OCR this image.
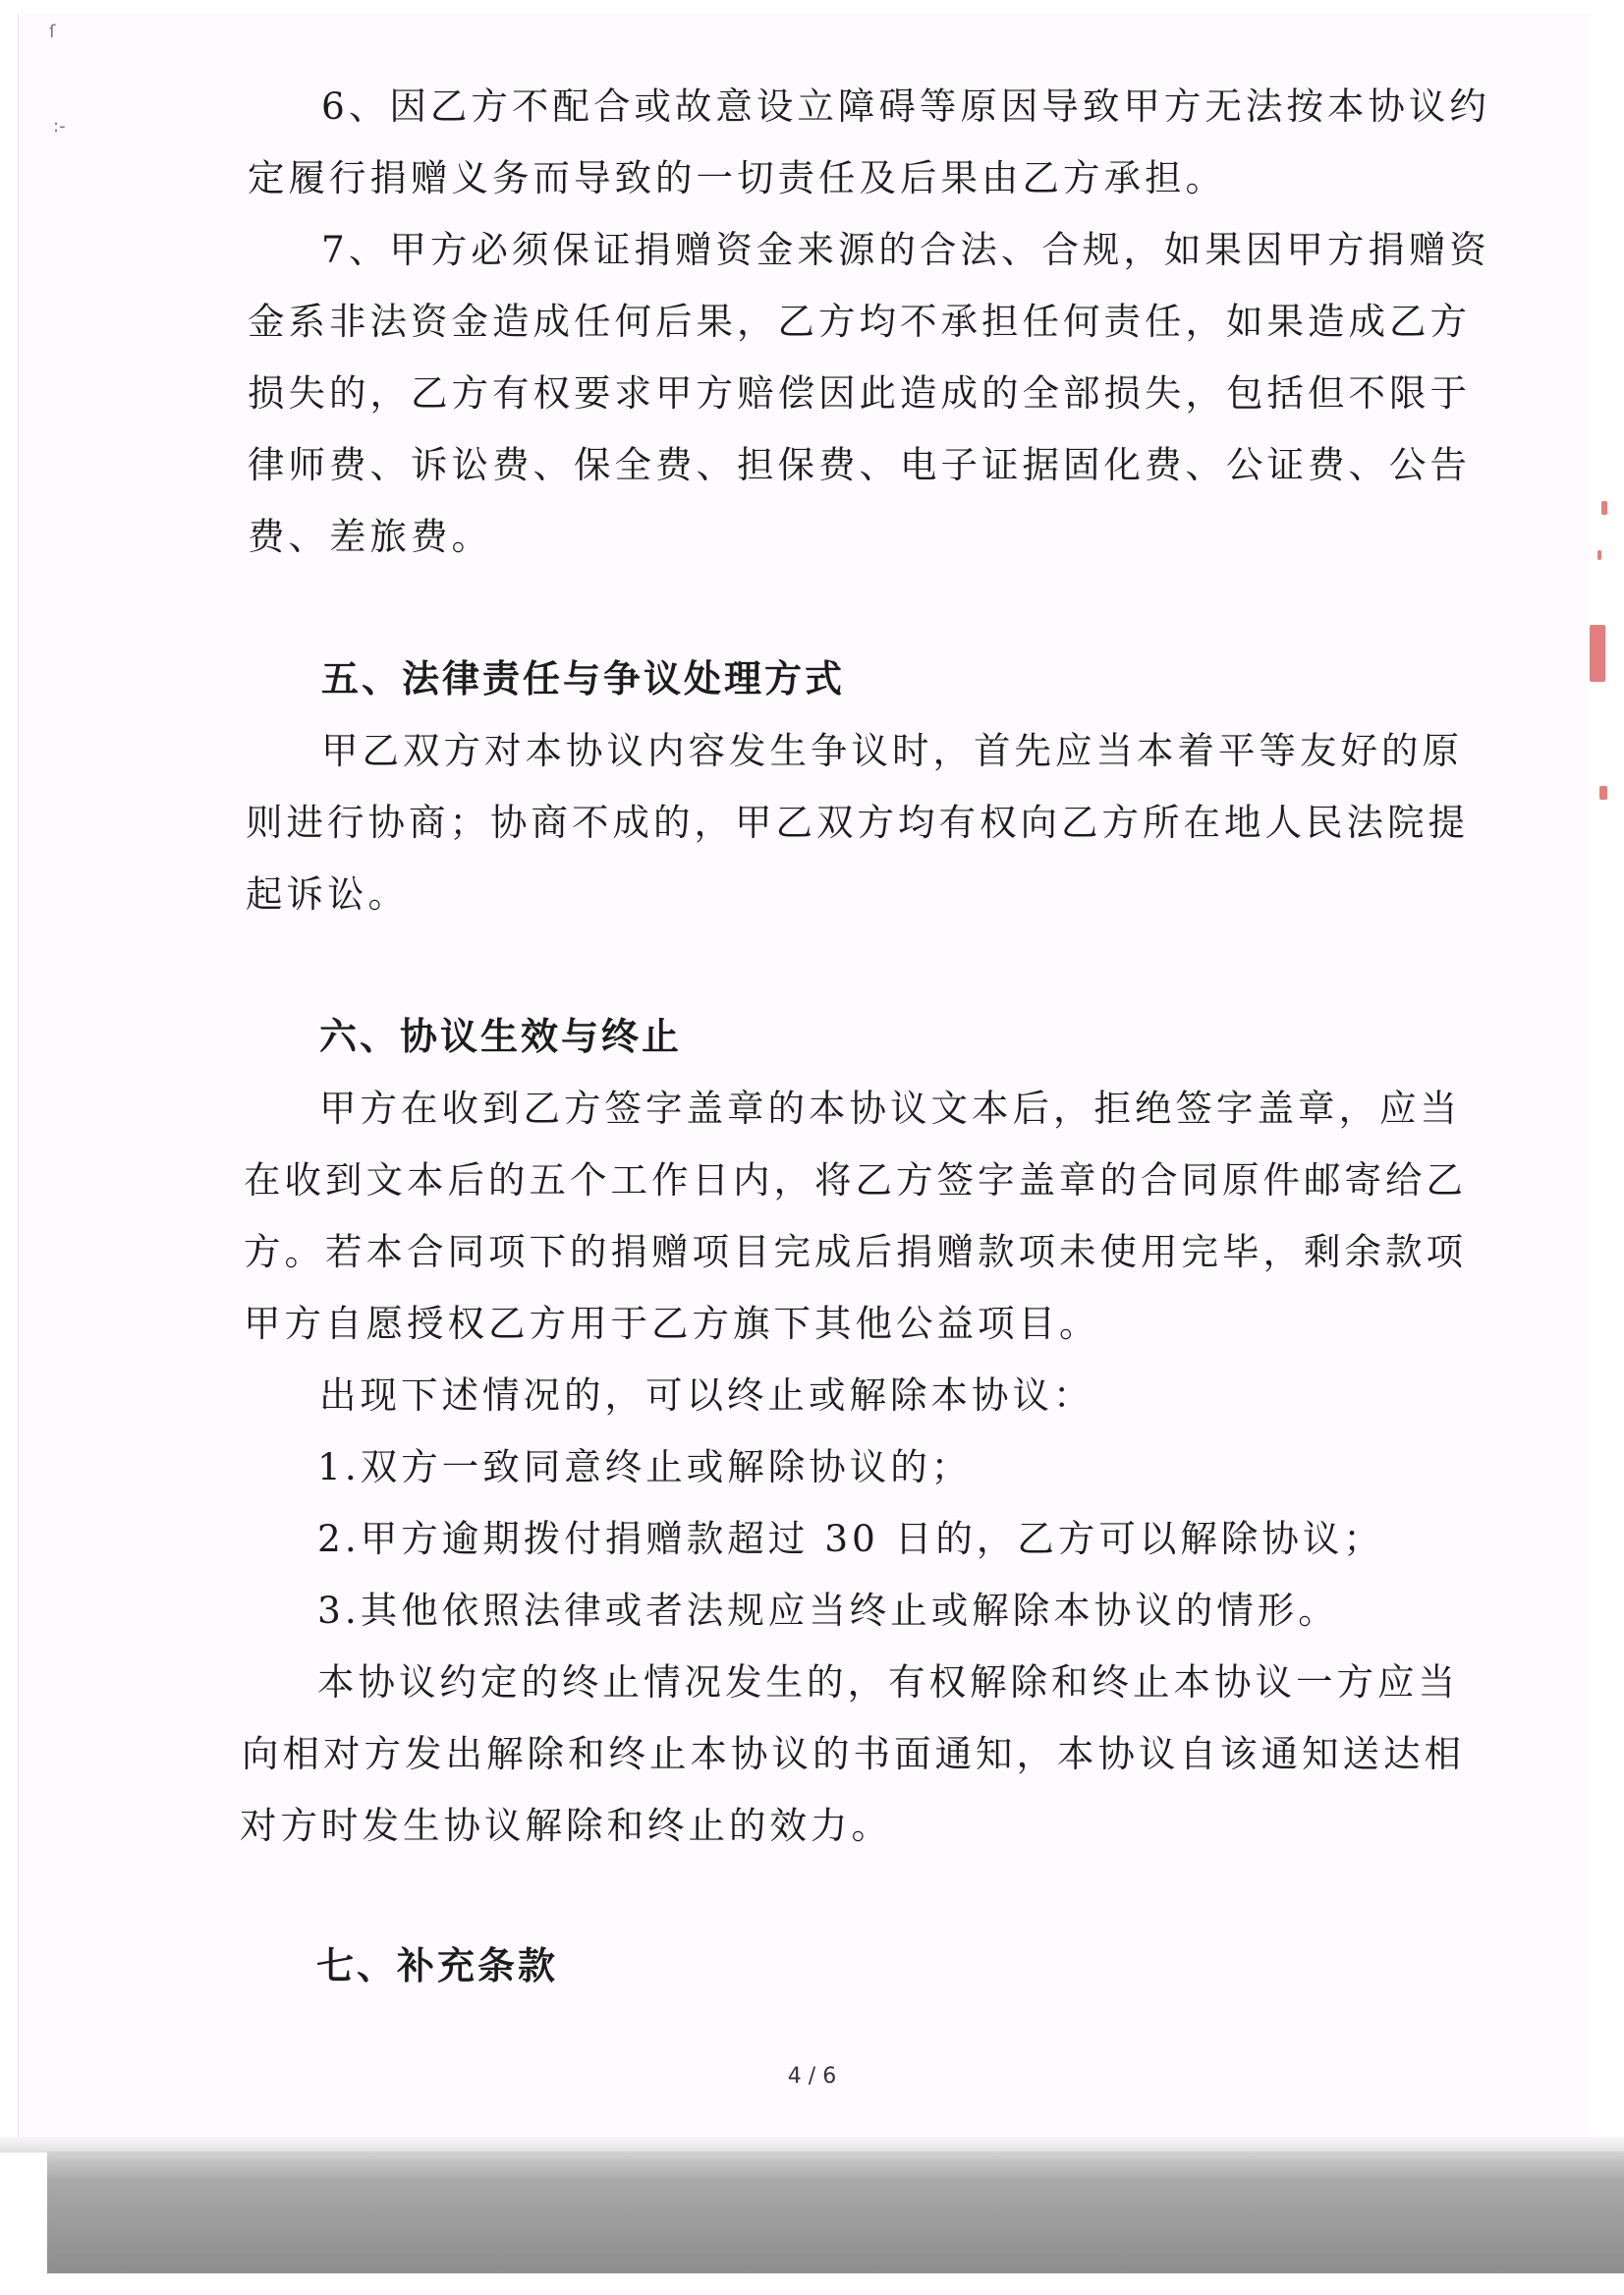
ſ
:-	6、因乙方不配合或故意设立障碍等原因导致甲方无法按本协议约
定履行捐赠义务而导致的一切责任及后果由乙方承担。
7、甲方必须保证捐赠资金来源的合法、合规，如果因甲方捐赠资
金系非法资金造成任何后果，乙方均不承担任何责任，如果造成乙方
损失的，乙方有权要求甲方赔偿因此造成的全部损失，包括但不限于
律师费、诉讼费、保全费、担保费、电子证据固化费、公证费、公告
费、差旅费。
五、法律责任与争议处理方式
甲乙双方对本协议内容发生争议时，首先应当本着平等友好的原
则进行协商；协商不成的，甲乙双方均有权向乙方所在地人民法院提
起诉讼。
六、协议生效与终止
甲方在收到乙方签字盖章的本协议文本后，拒绝签字盖章，应当
在收到文本后的五个工作日内，将乙方签字盖章的合同原件邮寄给乙
方。若本合同项下的捐赠项目完成后捐赠款项未使用完毕，剩余款项
甲方自愿授权乙方用于乙方旗下其他公益项目。
出现下述情况的，可以终止或解除本协议：
1.双方一致同意终止或解除协议的；
2.甲方逾期拨付捐赠款超过 30 日的，乙方可以解除协议；
3.其他依照法律或者法规应当终止或解除本协议的情形。
本协议约定的终止情况发生的，有权解除和终止本协议一方应当
向相对方发出解除和终止本协议的书面通知，本协议自该通知送达相
对方时发生协议解除和终止的效力。
七、补充条款
4 / 6
